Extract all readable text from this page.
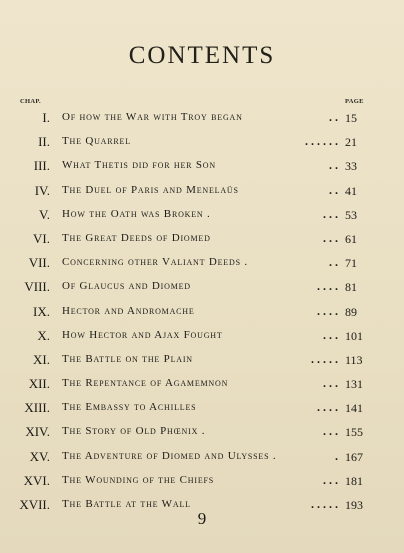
CONTENTS
CHAP.	PAGE
I. Of how the War with Troy began	. . 15
II. The Quarrel	. . . . . . 21
III. What Thetis did for her Son	. . 33
IV. The Duel of Paris and Menelaüs	. . 41
V. How the Oath was Broken .	. . . 53
VI. The Great Deeds of Diomed	. . . 61
VII. Concerning other Valiant Deeds .	. . 71
VIII. Of Glaucus and Diomed	. . . . 81
IX. Hector and Andromache	. . . . 89
X. How Hector and Ajax Fought	. . . 101
XI. The Battle on the Plain	. . . . . 113
XII. The Repentance of Agamemnon	. . . 131
XIII. The Embassy to Achilles	. . . . 141
XIV. The Story of Old Phœnix .	. . . 155
XV. The Adventure of Diomed and Ulysses .	. 167
XVI. The Wounding of the Chiefs	. . . 181
XVII. The Battle at the Wall	. . . . . 193
9
